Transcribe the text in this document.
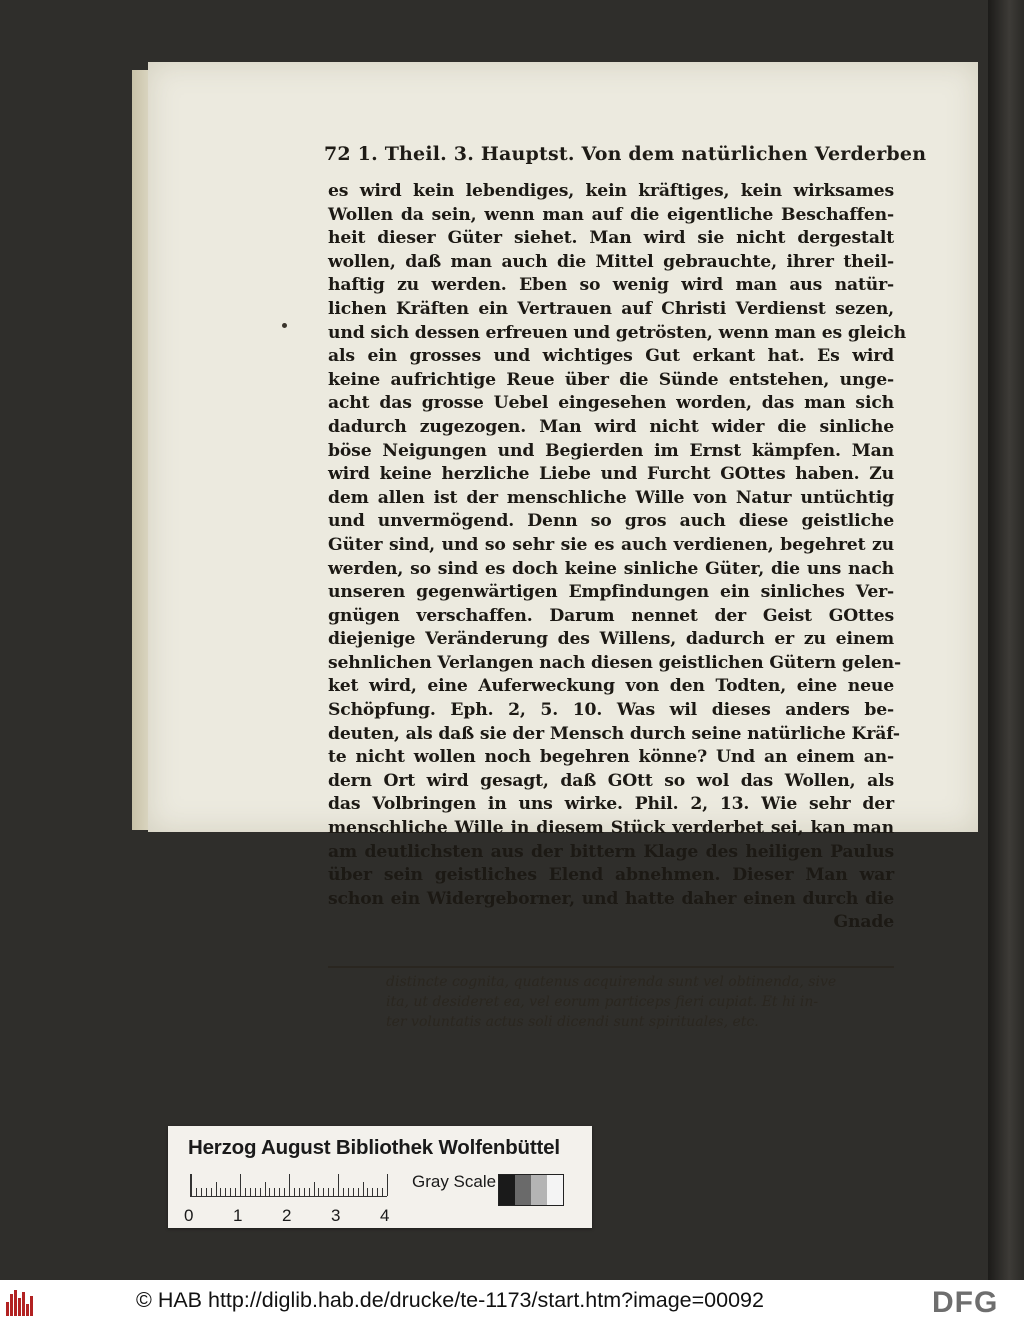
72 1. Theil. 3. Hauptst. Von dem natürlichen Verderben
es wird kein lebendiges, kein kräftiges, kein wirksames
Wollen da sein, wenn man auf die eigentliche Beschaffen-
heit dieser Güter siehet. Man wird sie nicht dergestalt
wollen, daß man auch die Mittel gebrauchte, ihrer theil-
haftig zu werden. Eben so wenig wird man aus natür-
lichen Kräften ein Vertrauen auf Christi Verdienst sezen,
und sich dessen erfreuen und getrösten, wenn man es gleich
als ein grosses und wichtiges Gut erkant hat. Es wird
keine aufrichtige Reue über die Sünde entstehen, unge-
acht das grosse Uebel eingesehen worden, das man sich
dadurch zugezogen. Man wird nicht wider die sinliche
böse Neigungen und Begierden im Ernst kämpfen. Man
wird keine herzliche Liebe und Furcht GOttes haben. Zu
dem allen ist der menschliche Wille von Natur untüchtig
und unvermögend. Denn so gros auch diese geistliche
Güter sind, und so sehr sie es auch verdienen, begehret zu
werden, so sind es doch keine sinliche Güter, die uns nach
unseren gegenwärtigen Empfindungen ein sinliches Ver-
gnügen verschaffen. Darum nennet der Geist GOttes
diejenige Veränderung des Willens, dadurch er zu einem
sehnlichen Verlangen nach diesen geistlichen Gütern gelen-
ket wird, eine Auferweckung von den Todten, eine neue
Schöpfung. Eph. 2, 5. 10. Was wil dieses anders be-
deuten, als daß sie der Mensch durch seine natürliche Kräf-
te nicht wollen noch begehren könne? Und an einem an-
dern Ort wird gesagt, daß GOtt so wol das Wollen, als
das Volbringen in uns wirke. Phil. 2, 13. Wie sehr der
menschliche Wille in diesem Stück verderbet sei, kan man
am deutlichsten aus der bittern Klage des heiligen Paulus
über sein geistliches Elend abnehmen. Dieser Man war
schon ein Widergeborner, und hatte daher einen durch die
Gnade
distincte cognita, quatenus acquirenda sunt vel obtinenda, sive
ita, ut desideret ea, vel eorum particeps fieri cupiat. Et hi in-
ter voluntatis actus soli dicendi sunt spirituales, etc.
Herzog August Bibliothek Wolfenbüttel
0 1 2 3 4
Gray Scale
© HAB http://diglib.hab.de/drucke/te-1173/start.htm?image=00092	DFG
